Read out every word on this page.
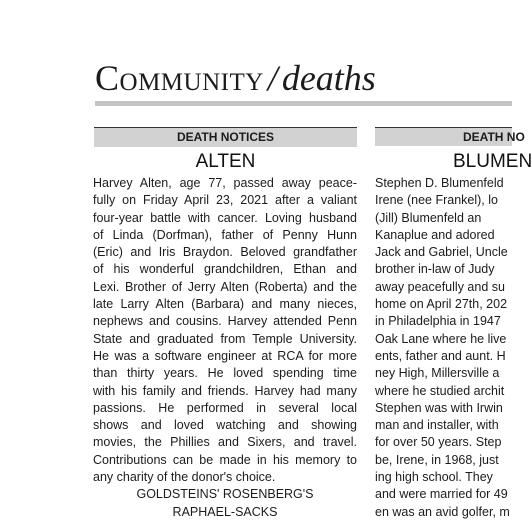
Community / deaths
DEATH NOTICES	DEATH NO
ALTEN	BLUMEN
Harvey Alten, age 77, passed away peace-
fully on Friday April 23, 2021 after a valiant
four-year battle with cancer. Loving husband
of Linda (Dorfman), father of Penny Hunn
(Eric) and Iris Braydon. Beloved grandfather
of his wonderful grandchildren, Ethan and
Lexi. Brother of Jerry Alten (Roberta) and the
late Larry Alten (Barbara) and many nieces,
nephews and cousins. Harvey attended Penn
State and graduated from Temple University.
He was a software engineer at RCA for more
than thirty years. He loved spending time
with his family and friends. Harvey had many
passions. He performed in several local
shows and loved watching and showing
movies, the Phillies and Sixers, and travel.
Contributions can be made in his memory to
any charity of the donor's choice.
GOLDSTEINS' ROSENBERG'S
RAPHAEL-SACKS
Stephen D. Blumenfeld
Irene (nee Frankel), lo
(Jill) Blumenfeld an
Kanaplue and adored
Jack and Gabriel, Uncle
brother in-law of Judy
away peacefully and su
home on April 27th, 202
in Philadelphia in 1947
Oak Lane where he live
ents, father and aunt. H
ney High, Millersville a
where he studied archit
Stephen was with Irwin
man and installer, with
for over 50 years. Step
be, Irene, in 1968, just
ing high school. They
and were married for 49
en was an avid golfer, m
